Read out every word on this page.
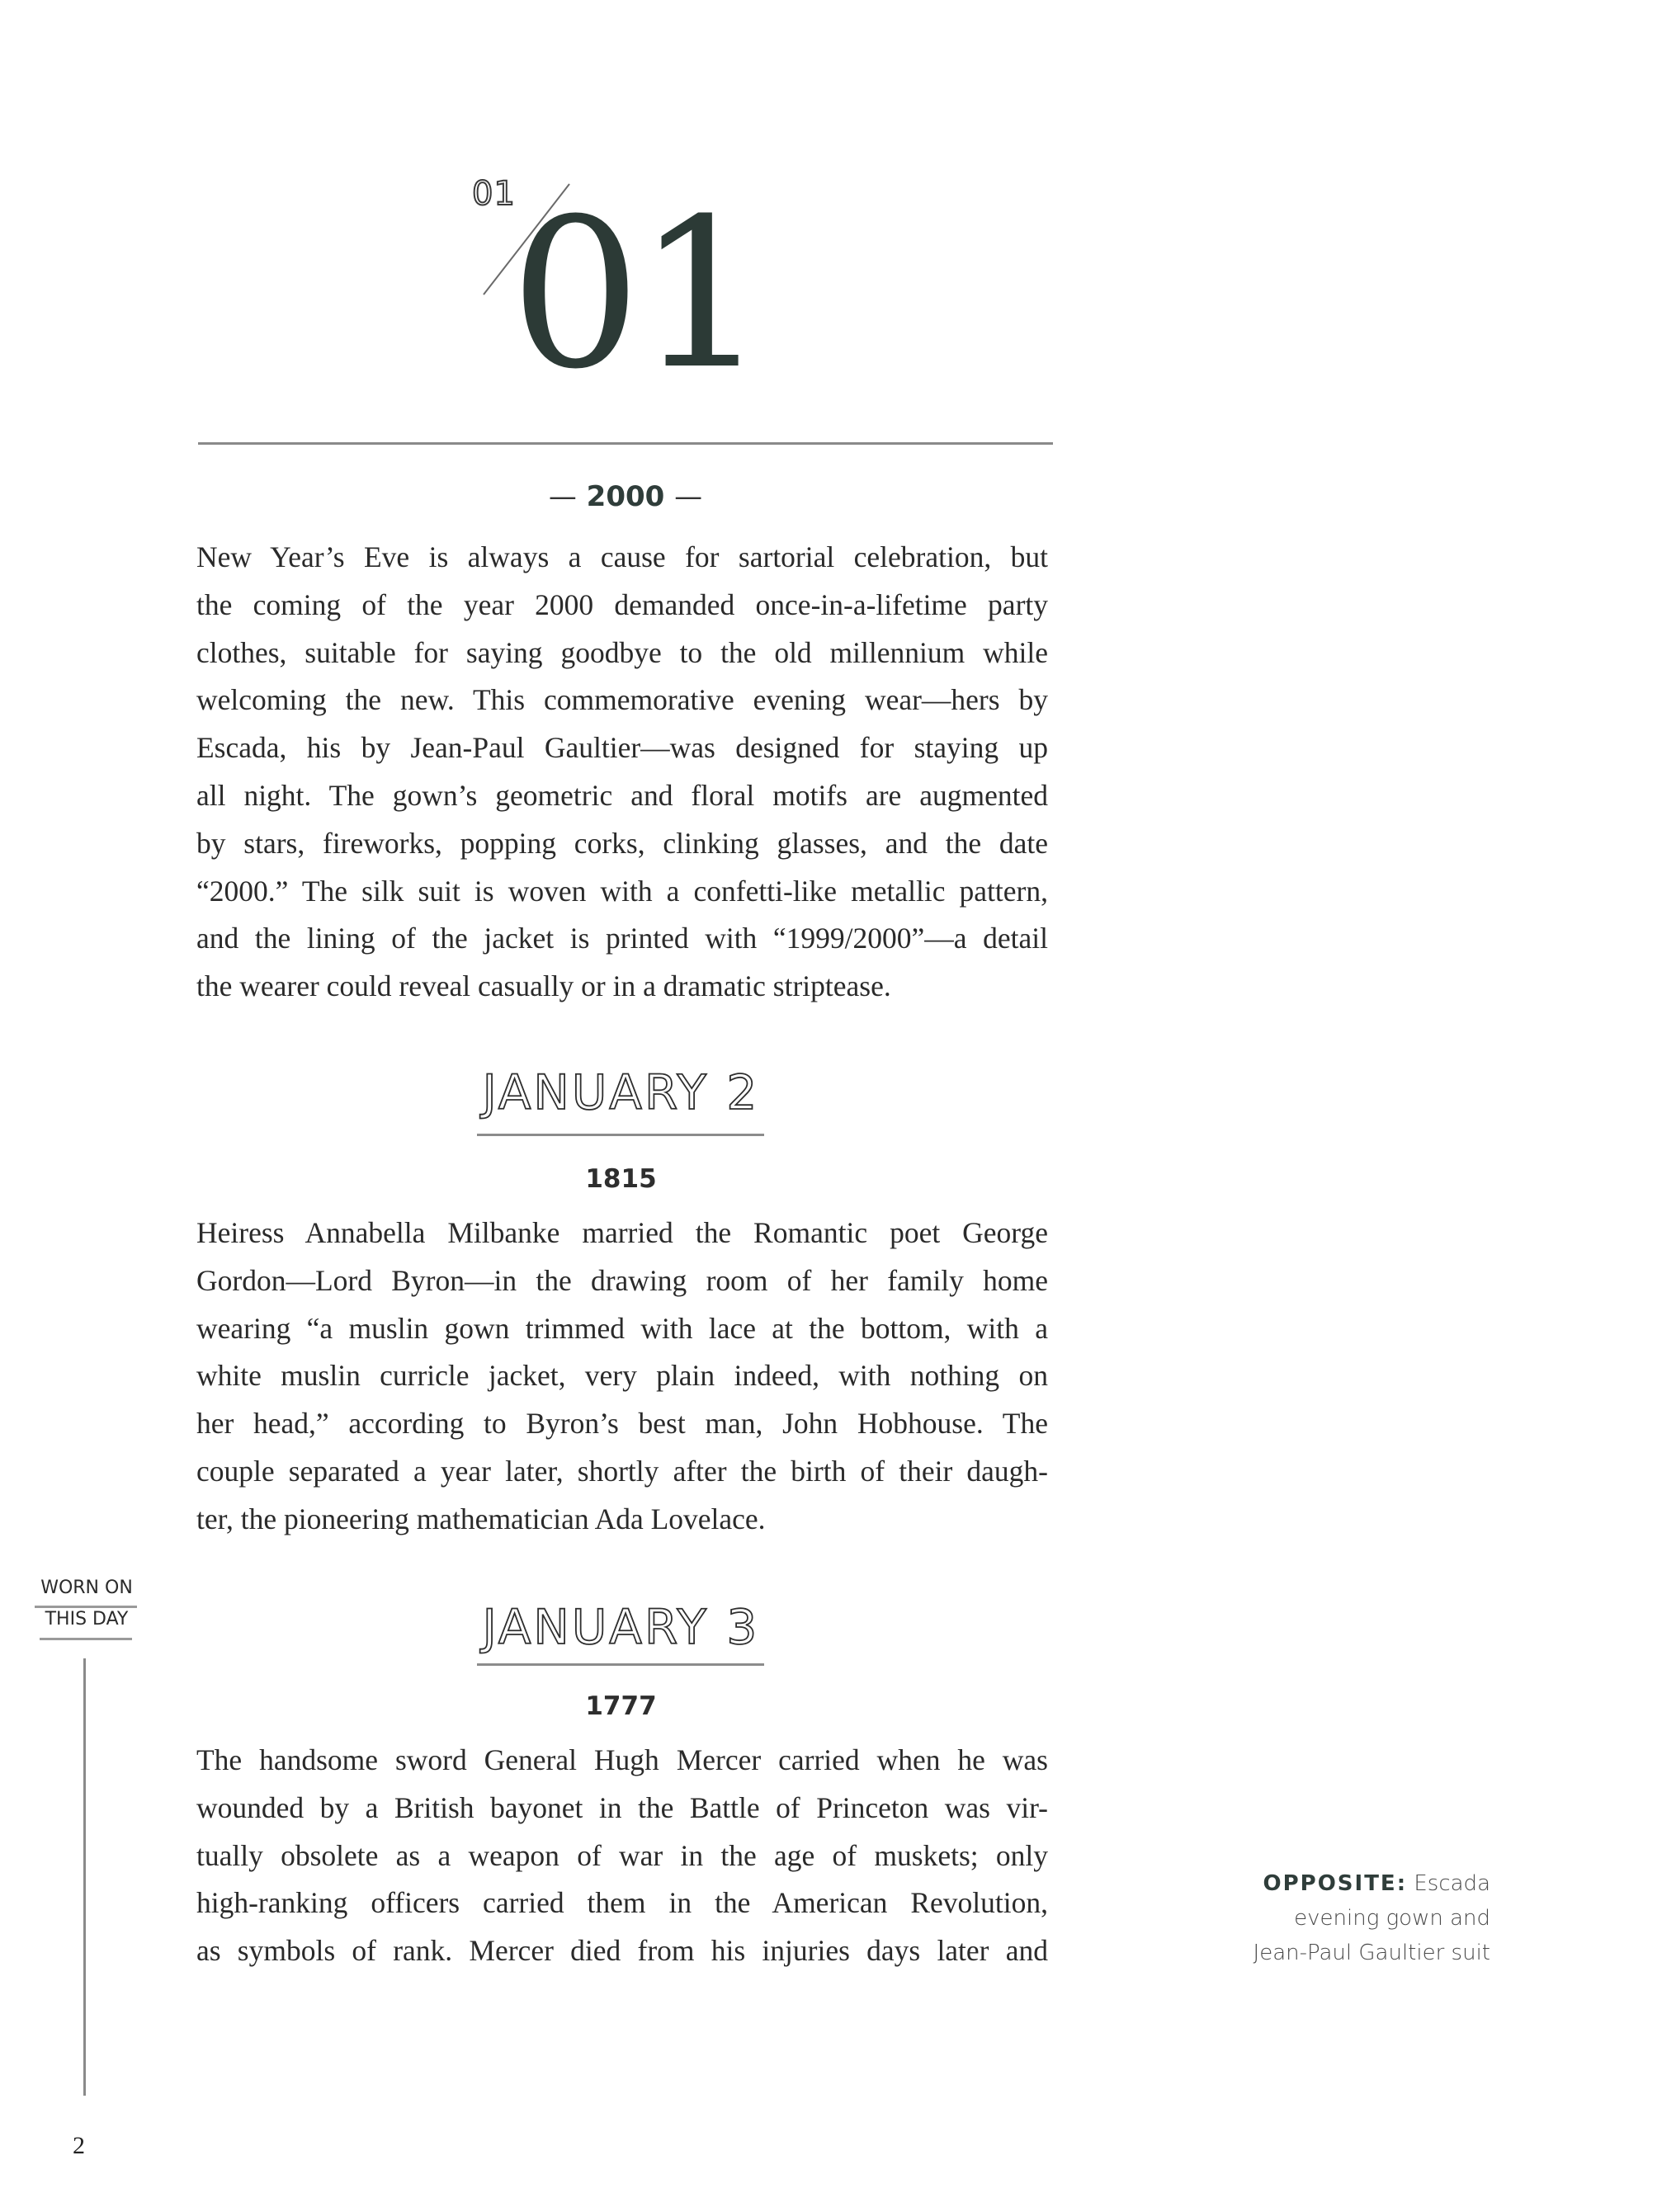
01
01
— 2000 —

New Year’s Eve is always a cause for sartorial celebration, but
the coming of the year 2000 demanded once-in-a-lifetime party
clothes, suitable for saying goodbye to the old millennium while
welcoming the new. This commemorative evening wear—hers by
Escada, his by Jean-Paul Gaultier—was designed for staying up
all night. The gown’s geometric and floral motifs are augmented
by stars, fireworks, popping corks, clinking glasses, and the date
“2000.” The silk suit is woven with a confetti-like metallic pattern,
and the lining of the jacket is printed with “1999/2000”—a detail
the wearer could reveal casually or in a dramatic striptease.

JANUARY 2
1815

Heiress Annabella Milbanke married the Romantic poet George
Gordon—Lord Byron—in the drawing room of her family home
wearing “a muslin gown trimmed with lace at the bottom, with a
white muslin curricle jacket, very plain indeed, with nothing on
her head,” according to Byron’s best man, John Hobhouse. The
couple separated a year later, shortly after the birth of their daugh-
ter, the pioneering mathematician Ada Lovelace.

WORN ON
THIS DAY	JANUARY 3
1777

The handsome sword General Hugh Mercer carried when he was
wounded by a British bayonet in the Battle of Princeton was vir-
tually obsolete as a weapon of war in the age of muskets; only
high-ranking officers carried them in the American Revolution,
as symbols of rank. Mercer died from his injuries days later and

OPPOSITE: Escada
evening gown and
Jean-Paul Gaultier suit
2
